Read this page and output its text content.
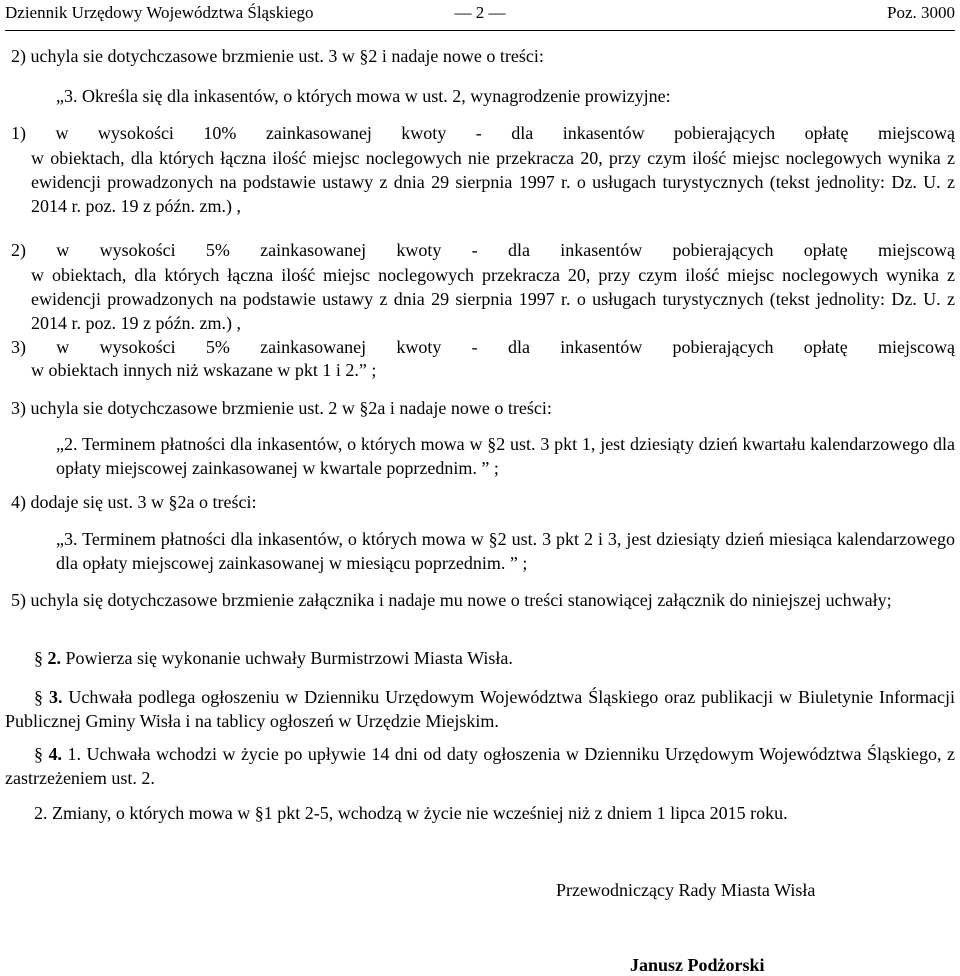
Dziennik Urzędowy Województwa Śląskiego	— 2 —	Poz. 3000
2) uchyla sie dotychczasowe brzmienie ust. 3 w §2 i nadaje nowe o treści:
„3. Określa się dla inkasentów, o których mowa w ust. 2, wynagrodzenie prowizyjne:
1) w wysokości 10% zainkasowanej kwoty - dla inkasentów pobierających opłatę miejscową
w obiektach, dla których łączna ilość miejsc noclegowych nie przekracza 20, przy czym ilość miejsc noclegowych wynika z ewidencji prowadzonych na podstawie ustawy z dnia 29 sierpnia 1997 r. o usługach turystycznych (tekst jednolity: Dz. U. z 2014 r. poz. 19 z późn. zm.) ,
2) w wysokości 5% zainkasowanej kwoty - dla inkasentów pobierających opłatę miejscową
w obiektach, dla których łączna ilość miejsc noclegowych przekracza 20, przy czym ilość miejsc noclegowych wynika z ewidencji prowadzonych na podstawie ustawy z dnia 29 sierpnia 1997 r. o usługach turystycznych (tekst jednolity: Dz. U. z 2014 r. poz. 19 z późn. zm.) ,
3) w wysokości 5% zainkasowanej kwoty - dla inkasentów pobierających opłatę miejscową
w obiektach innych niż wskazane w pkt 1 i 2.” ;
3) uchyla sie dotychczasowe brzmienie ust. 2 w §2a i nadaje nowe o treści:
„2. Terminem płatności dla inkasentów, o których mowa w §2 ust. 3 pkt 1, jest dziesiąty dzień kwartału kalendarzowego dla opłaty miejscowej zainkasowanej w kwartale poprzednim. ” ;
4) dodaje się ust. 3 w §2a o treści:
„3. Terminem płatności dla inkasentów, o których mowa w §2 ust. 3 pkt 2 i 3, jest dziesiąty dzień miesiąca kalendarzowego dla opłaty miejscowej zainkasowanej w miesiącu poprzednim. ” ;
5) uchyla się dotychczasowe brzmienie załącznika i nadaje mu nowe o treści stanowiącej załącznik do niniejszej uchwały;
§ 2. Powierza się wykonanie uchwały Burmistrzowi Miasta Wisła.
§ 3. Uchwała podlega ogłoszeniu w Dzienniku Urzędowym Województwa Śląskiego oraz publikacji w Biuletynie Informacji Publicznej Gminy Wisła i na tablicy ogłoszeń w Urzędzie Miejskim.
§ 4. 1. Uchwała wchodzi w życie po upływie 14 dni od daty ogłoszenia w Dzienniku Urzędowym Województwa Śląskiego, z zastrzeżeniem ust. 2.
2. Zmiany, o których mowa w §1 pkt 2-5, wchodzą w życie nie wcześniej niż z dniem 1 lipca 2015 roku.
Przewodniczący Rady Miasta Wisła
Janusz Podżorski
